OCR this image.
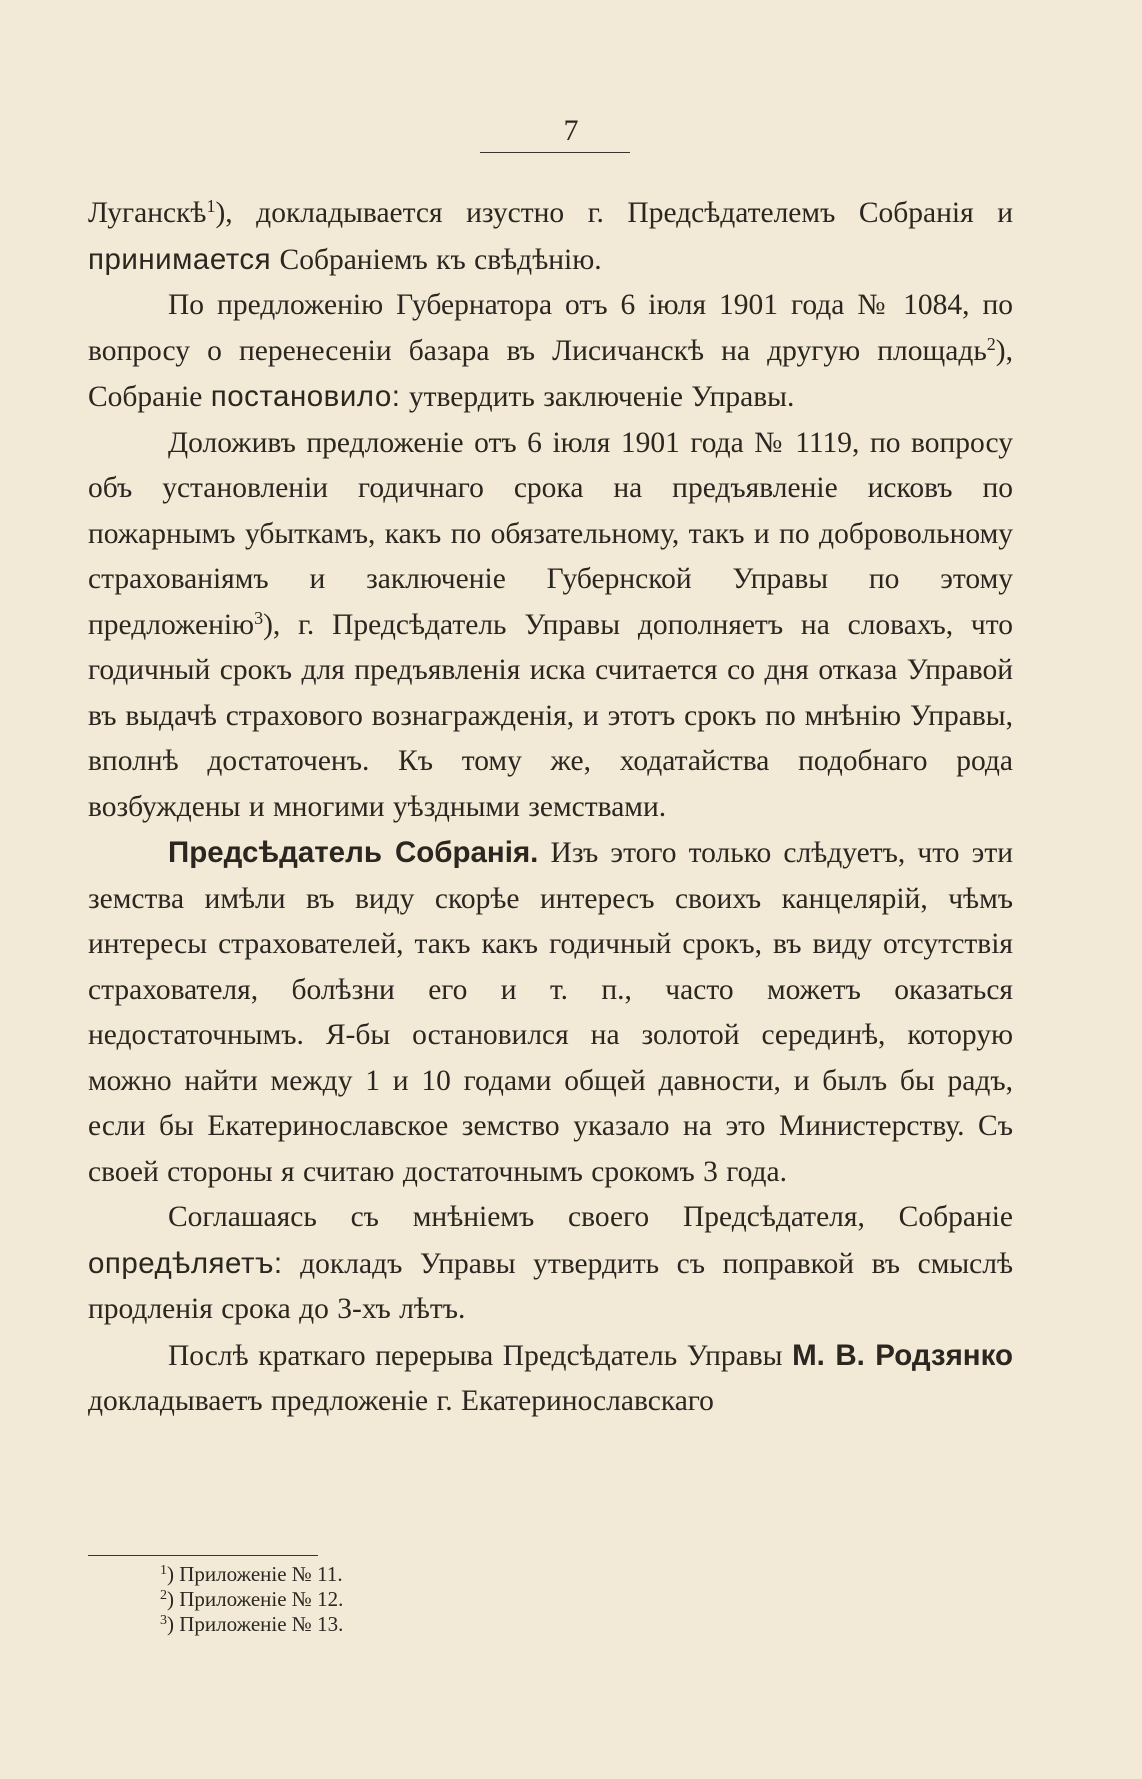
7

Луганскѣ$^1$), докладывается изустно г. Предсѣдателемъ Собранія и принимается Собраніемъ къ свѣдѣнію.

По предложенію Губернатора отъ 6 іюля 1901 года № 1084, по вопросу о перенесеніи базара въ Лисичанскѣ на другую площадь$^2$), Собраніе постановило: утвердить заключеніе Управы.

Доложивъ предложеніе отъ 6 іюля 1901 года № 1119, по вопросу объ установленіи годичнаго срока на предъявленіе исковъ по пожарнымъ убыткамъ, какъ по обязательному, такъ и по добровольному страхованіямъ и заключеніе Губернской Управы по этому предложенію$^3$), г. Предсѣдатель Управы дополняетъ на словахъ, что годичный срокъ для предъявленія иска считается со дня отказа Управой въ выдачѣ страхового вознагражденія, и этотъ срокъ по мнѣнію Управы, вполнѣ достаточенъ. Къ тому же, ходатайства подобнаго рода возбуждены и многими уѣздными земствами.

Предсѣдатель Собранія. Изъ этого только слѣдуетъ, что эти земства имѣли въ виду скорѣе интересъ своихъ канцелярій, чѣмъ интересы страхователей, такъ какъ годичный срокъ, въ виду отсутствія страхователя, болѣзни его и т. п., часто можетъ оказаться недостаточнымъ. Я-бы остановился на золотой серединѣ, которую можно найти между 1 и 10 годами общей давности, и былъ бы радъ, если бы Екатеринославское земство указало на это Министерству. Съ своей стороны я считаю достаточнымъ срокомъ 3 года.

Соглашаясь съ мнѣніемъ своего Предсѣдателя, Собраніе опредѣляетъ: докладъ Управы утвердить съ поправкой въ смыслѣ продленія срока до 3-хъ лѣтъ.

Послѣ краткаго перерыва Предсѣдатель Управы М. В. Родзянко докладываетъ предложеніе г. Екатеринославскаго

$^1$) Приложеніе № 11.
$^2$) Приложеніе № 12.
$^3$) Приложеніе № 13.
